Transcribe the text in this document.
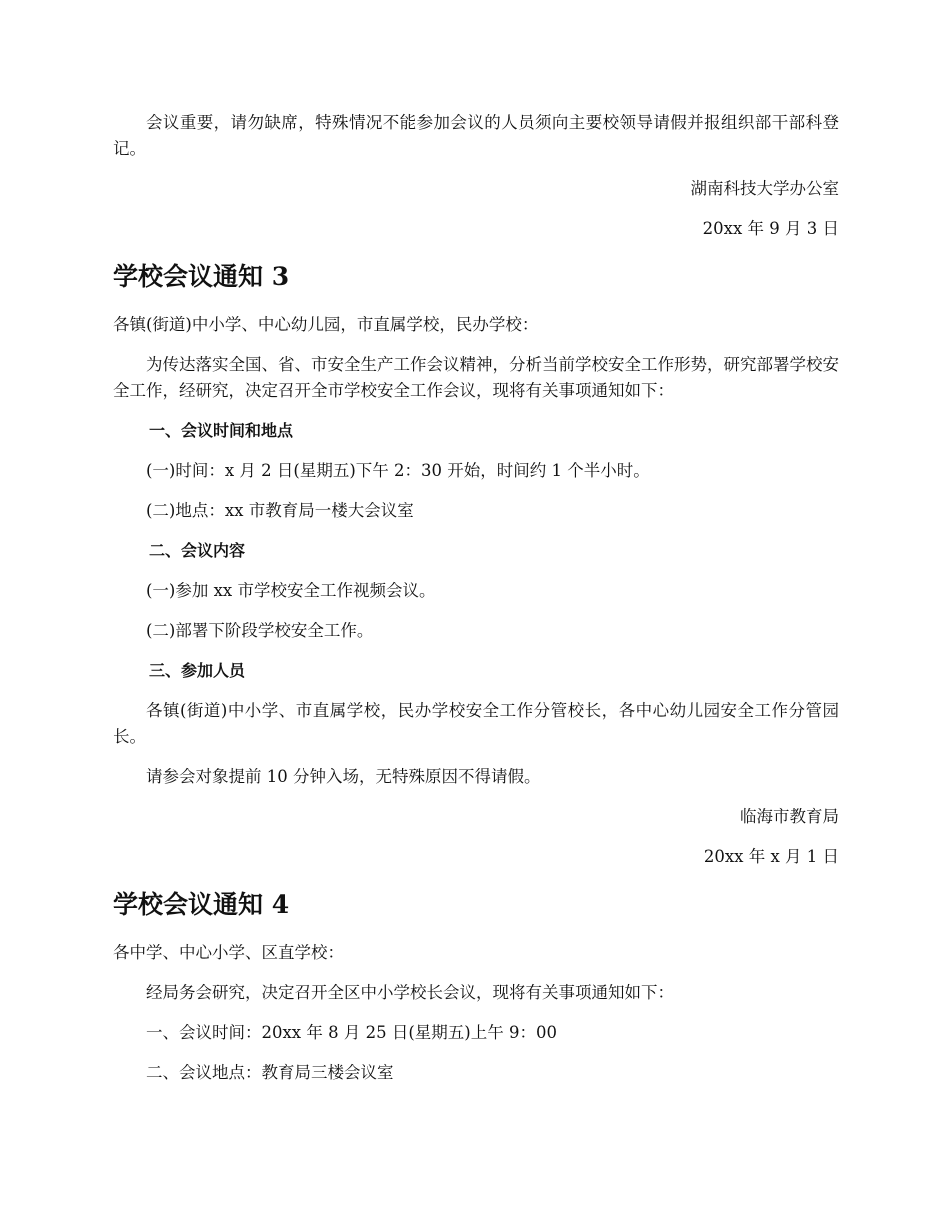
会议重要，请勿缺席，特殊情况不能参加会议的人员须向主要校领导请假并报组织部干部科登记。

湖南科技大学办公室

20xx 年 9 月 3 日

学校会议通知 3

各镇(街道)中小学、中心幼儿园，市直属学校，民办学校：

为传达落实全国、省、市安全生产工作会议精神，分析当前学校安全工作形势，研究部署学校安全工作，经研究，决定召开全市学校安全工作会议，现将有关事项通知如下：

一、会议时间和地点

(一)时间：x 月 2 日(星期五)下午 2：30 开始，时间约 1 个半小时。

(二)地点：xx 市教育局一楼大会议室

二、会议内容

(一)参加 xx 市学校安全工作视频会议。

(二)部署下阶段学校安全工作。

三、参加人员

各镇(街道)中小学、市直属学校，民办学校安全工作分管校长，各中心幼儿园安全工作分管园长。

请参会对象提前 10 分钟入场，无特殊原因不得请假。

临海市教育局

20xx 年 x 月 1 日

学校会议通知 4

各中学、中心小学、区直学校：

经局务会研究，决定召开全区中小学校长会议，现将有关事项通知如下：

一、会议时间：20xx 年 8 月 25 日(星期五)上午 9：00

二、会议地点：教育局三楼会议室
